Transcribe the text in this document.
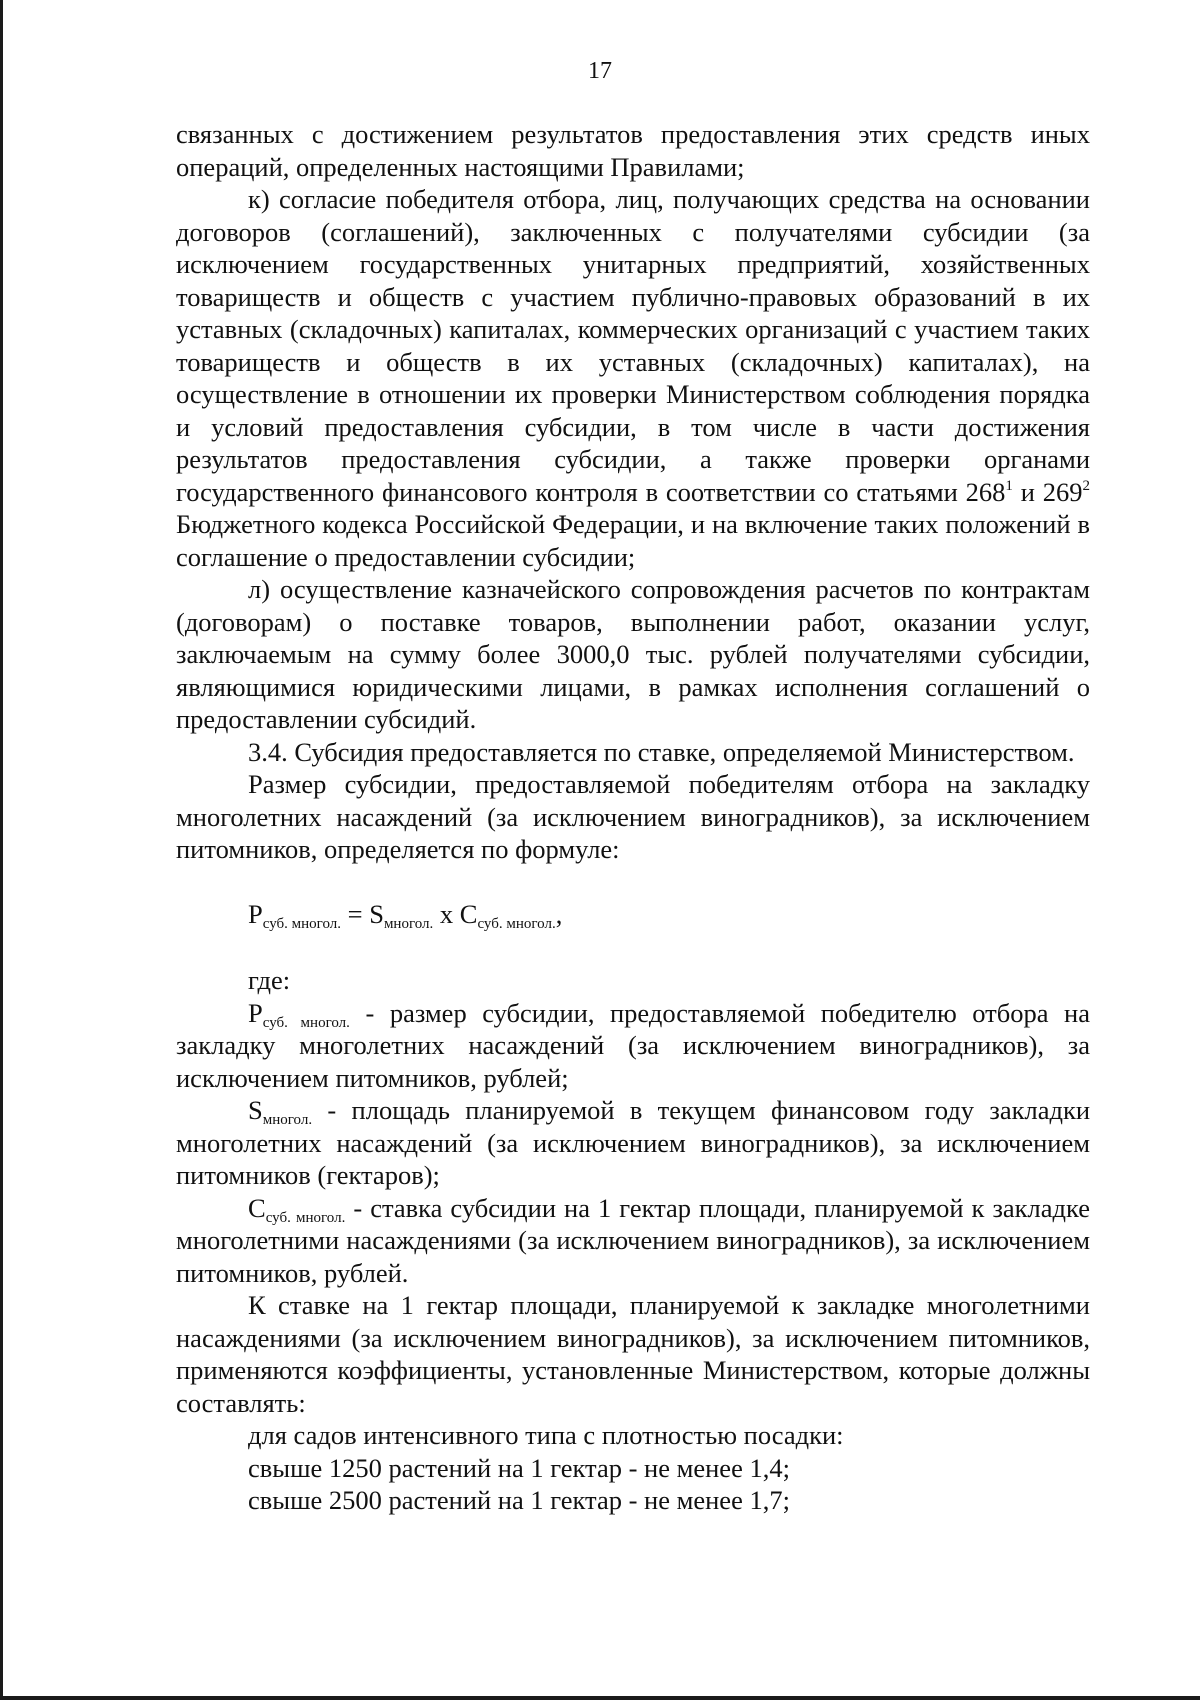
17

связанных с достижением результатов предоставления этих средств иных операций, определенных настоящими Правилами;

к) согласие победителя отбора, лиц, получающих средства на основании договоров (соглашений), заключенных с получателями субсидии (за исключением государственных унитарных предприятий, хозяйственных товариществ и обществ с участием публично-правовых образований в их уставных (складочных) капиталах, коммерческих организаций с участием таких товариществ и обществ в их уставных (складочных) капиталах), на осуществление в отношении их проверки Министерством соблюдения порядка и условий предоставления субсидии, в том числе в части достижения результатов предоставления субсидии, а также проверки органами государственного финансового контроля в соответствии со статьями $268^1$ и $269^2$ Бюджетного кодекса Российской Федерации, и на включение таких положений в соглашение о предоставлении субсидии;

л) осуществление казначейского сопровождения расчетов по контрактам (договорам) о поставке товаров, выполнении работ, оказании услуг, заключаемым на сумму более 3000,0 тыс. рублей получателями субсидии, являющимися юридическими лицами, в рамках исполнения соглашений о предоставлении субсидий.

3.4. Субсидия предоставляется по ставке, определяемой Министерством.

Размер субсидии, предоставляемой победителям отбора на закладку многолетних насаждений (за исключением виноградников), за исключением питомников, определяется по формуле:

$P_{суб. многол.} = S_{многол.}$ x $C_{суб. многол.}$,

где:

$P_{суб. многол.}$ - размер субсидии, предоставляемой победителю отбора на закладку многолетних насаждений (за исключением виноградников), за исключением питомников, рублей;

$S_{многол.}$ - площадь планируемой в текущем финансовом году закладки многолетних насаждений (за исключением виноградников), за исключением питомников (гектаров);

$C_{суб. многол.}$ - ставка субсидии на 1 гектар площади, планируемой к закладке многолетними насаждениями (за исключением виноградников), за исключением питомников, рублей.

К ставке на 1 гектар площади, планируемой к закладке многолетними насаждениями (за исключением виноградников), за исключением питомников, применяются коэффициенты, установленные Министерством, которые должны составлять:

для садов интенсивного типа с плотностью посадки:

свыше 1250 растений на 1 гектар - не менее 1,4;

свыше 2500 растений на 1 гектар - не менее 1,7;
